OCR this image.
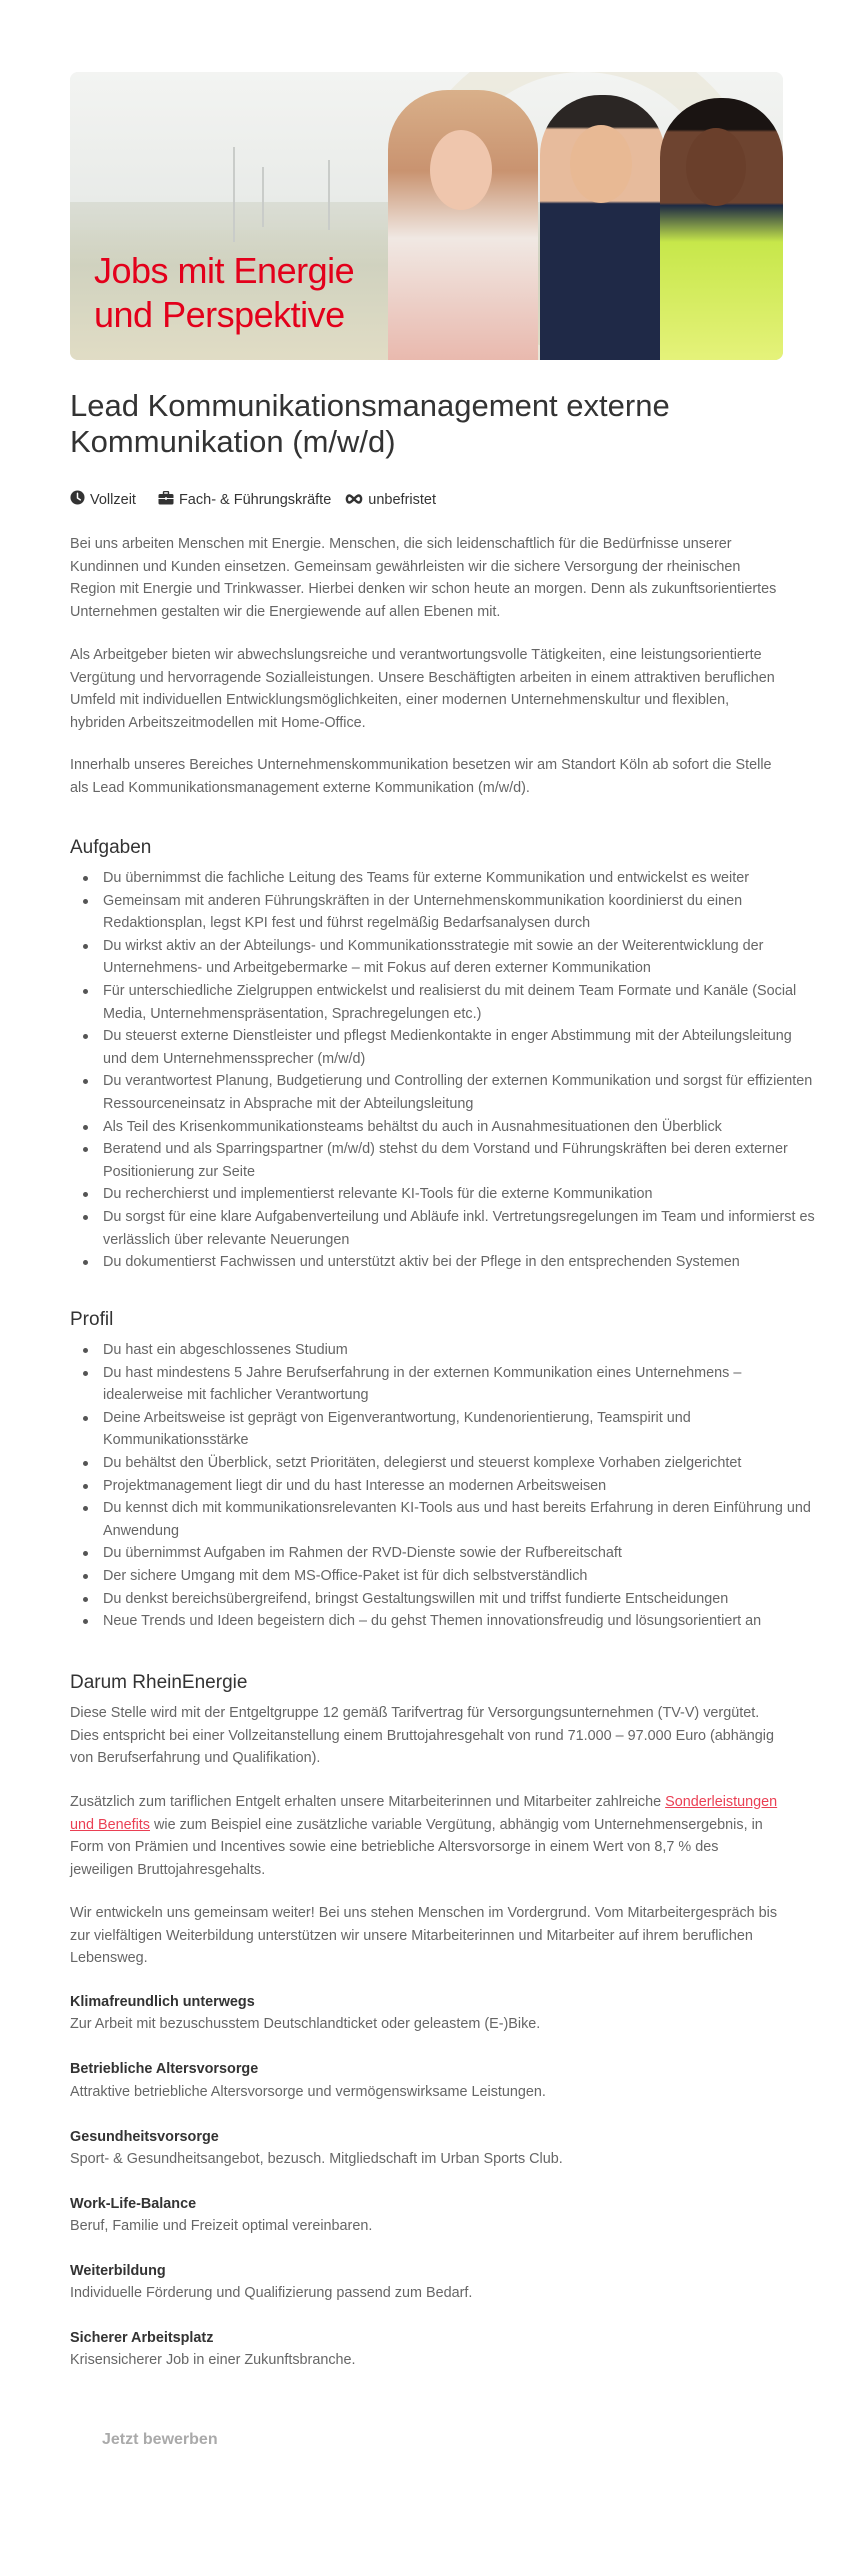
Jobs mit Energie
und Perspektive
Lead Kommunikationsmanagement externe Kommunikation (m/w/d)
Vollzeit	Fach- & Führungskräfte	unbefristet

Bei uns arbeiten Menschen mit Energie. Menschen, die sich leidenschaftlich für die Bedürfnisse unserer Kundinnen und Kunden einsetzen. Gemeinsam gewährleisten wir die sichere Versorgung der rheinischen Region mit Energie und Trinkwasser. Hierbei denken wir schon heute an morgen. Denn als zukunftsorientiertes Unternehmen gestalten wir die Energiewende auf allen Ebenen mit.

Als Arbeitgeber bieten wir abwechslungsreiche und verantwortungsvolle Tätigkeiten, eine leistungsorientierte Vergütung und hervorragende Sozialleistungen. Unsere Beschäftigten arbeiten in einem attraktiven beruflichen Umfeld mit individuellen Entwicklungsmöglichkeiten, einer modernen Unternehmenskultur und flexiblen, hybriden Arbeitszeitmodellen mit Home-Office.

Innerhalb unseres Bereiches Unternehmenskommunikation besetzen wir am Standort Köln ab sofort die Stelle als Lead Kommunikationsmanagement externe Kommunikation (m/w/d).

Aufgaben
Du übernimmst die fachliche Leitung des Teams für externe Kommunikation und entwickelst es weiter
Gemeinsam mit anderen Führungskräften in der Unternehmenskommunikation koordinierst du einen Redaktionsplan, legst KPI fest und führst regelmäßig Bedarfsanalysen durch
Du wirkst aktiv an der Abteilungs- und Kommunikationsstrategie mit sowie an der Weiterentwicklung der Unternehmens- und Arbeitgebermarke – mit Fokus auf deren externer Kommunikation
Für unterschiedliche Zielgruppen entwickelst und realisierst du mit deinem Team Formate und Kanäle (Social Media, Unternehmenspräsentation, Sprachregelungen etc.)
Du steuerst externe Dienstleister und pflegst Medienkontakte in enger Abstimmung mit der Abteilungsleitung und dem Unternehmenssprecher (m/w/d)
Du verantwortest Planung, Budgetierung und Controlling der externen Kommunikation und sorgst für effizienten Ressourceneinsatz in Absprache mit der Abteilungsleitung
Als Teil des Krisenkommunikationsteams behältst du auch in Ausnahmesituationen den Überblick
Beratend und als Sparringspartner (m/w/d) stehst du dem Vorstand und Führungskräften bei deren externer Positionierung zur Seite
Du recherchierst und implementierst relevante KI-Tools für die externe Kommunikation
Du sorgst für eine klare Aufgabenverteilung und Abläufe inkl. Vertretungsregelungen im Team und informierst es verlässlich über relevante Neuerungen
Du dokumentierst Fachwissen und unterstützt aktiv bei der Pflege in den entsprechenden Systemen
Profil
Du hast ein abgeschlossenes Studium
Du hast mindestens 5 Jahre Berufserfahrung in der externen Kommunikation eines Unternehmens – idealerweise mit fachlicher Verantwortung
Deine Arbeitsweise ist geprägt von Eigenverantwortung, Kundenorientierung, Teamspirit und Kommunikationsstärke
Du behältst den Überblick, setzt Prioritäten, delegierst und steuerst komplexe Vorhaben zielgerichtet
Projektmanagement liegt dir und du hast Interesse an modernen Arbeitsweisen
Du kennst dich mit kommunikationsrelevanten KI-Tools aus und hast bereits Erfahrung in deren Einführung und Anwendung
Du übernimmst Aufgaben im Rahmen der RVD-Dienste sowie der Rufbereitschaft
Der sichere Umgang mit dem MS-Office-Paket ist für dich selbstverständlich
Du denkst bereichsübergreifend, bringst Gestaltungswillen mit und triffst fundierte Entscheidungen
Neue Trends und Ideen begeistern dich – du gehst Themen innovationsfreudig und lösungsorientiert an
Darum RheinEnergie

Diese Stelle wird mit der Entgeltgruppe 12 gemäß Tarifvertrag für Versorgungsunternehmen (TV-V) vergütet. Dies entspricht bei einer Vollzeitanstellung einem Bruttojahresgehalt von rund 71.000 – 97.000 Euro (abhängig von Berufserfahrung und Qualifikation).

Zusätzlich zum tariflichen Entgelt erhalten unsere Mitarbeiterinnen und Mitarbeiter zahlreiche Sonderleistungen und Benefits wie zum Beispiel eine zusätzliche variable Vergütung, abhängig vom Unternehmensergebnis, in Form von Prämien und Incentives sowie eine betriebliche Altersvorsorge in einem Wert von 8,7 % des jeweiligen Bruttojahresgehalts.

Wir entwickeln uns gemeinsam weiter! Bei uns stehen Menschen im Vordergrund. Vom Mitarbeitergespräch bis zur vielfältigen Weiterbildung unterstützen wir unsere Mitarbeiterinnen und Mitarbeiter auf ihrem beruflichen Lebensweg.

Klimafreundlich unterwegs
Zur Arbeit mit bezuschusstem Deutschlandticket oder geleastem (E-)Bike.
Betriebliche Altersvorsorge
Attraktive betriebliche Altersvorsorge und vermögenswirksame Leistungen.
Gesundheitsvorsorge
Sport- & Gesundheitsangebot, bezusch. Mitgliedschaft im Urban Sports Club.
Work-Life-Balance
Beruf, Familie und Freizeit optimal vereinbaren.
Weiterbildung
Individuelle Förderung und Qualifizierung passend zum Bedarf.
Sicherer Arbeitsplatz
Krisensicherer Job in einer Zukunftsbranche.
Jetzt bewerben
